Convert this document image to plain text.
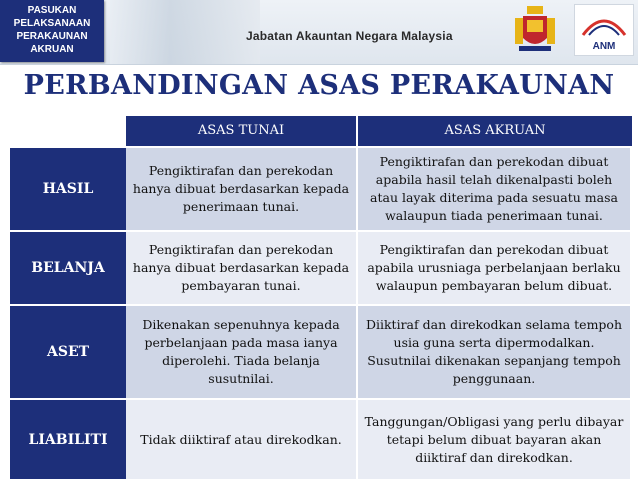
PASUKAN
PELAKSANAAN
PERAKAUNAN
AKRUAN
Jabatan Akauntan Negara Malaysia
ANM
PERBANDINGAN ASAS PERAKAUNAN
ASAS TUNAI	ASAS AKRUAN
HASIL
Pengiktirafan dan perekodan hanya dibuat berdasarkan kepada penerimaan tunai.
Pengiktirafan dan perekodan dibuat apabila hasil telah dikenalpasti boleh atau layak diterima pada sesuatu masa walaupun tiada penerimaan tunai.
BELANJA
Pengiktirafan dan perekodan hanya dibuat berdasarkan kepada pembayaran tunai.
Pengiktirafan dan perekodan dibuat apabila urusniaga perbelanjaan berlaku walaupun pembayaran belum dibuat.
ASET
Dikenakan sepenuhnya kepada perbelanjaan pada masa ianya diperolehi. Tiada belanja susutnilai.
Diiktiraf dan direkodkan selama tempoh usia guna serta dipermodalkan. Susutnilai dikenakan sepanjang tempoh penggunaan.
LIABILITI	Tidak diiktiraf atau direkodkan.
Tanggungan/Obligasi yang perlu dibayar tetapi belum dibuat bayaran akan diiktiraf dan direkodkan.
